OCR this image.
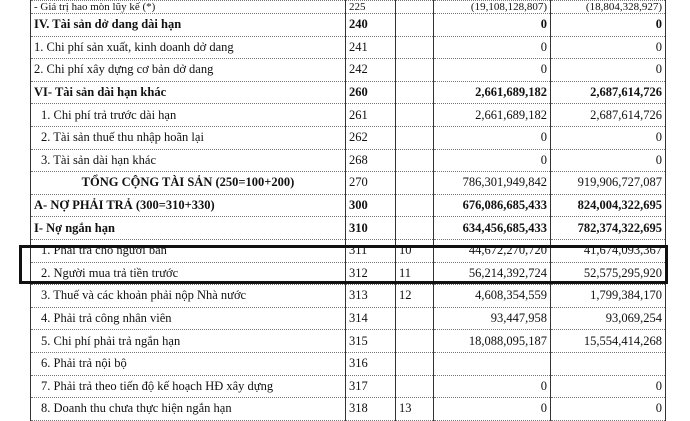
- Giá trị hao mòn lũy kế (*)	225		(19,108,128,807)	(18,804,328,927)
IV. Tài sản dở dang dài hạn	240		0	0
1. Chi phí sản xuất, kinh doanh dở dang	241		0	0
2. Chi phí xây dựng cơ bản dở dang	242		0	0
VI- Tài sản dài hạn khác	260		2,661,689,182	2,687,614,726
1. Chi phí trả trước dài hạn	261		2,661,689,182	2,687,614,726
2. Tài sản thuế thu nhập hoãn lại	262		0	0
3. Tài sản dài hạn khác	268		0	0
TỔNG CỘNG TÀI SẢN (250=100+200)	270		786,301,949,842	919,906,727,087
A- NỢ PHẢI TRẢ (300=310+330)	300		676,086,685,433	824,004,322,695
I- Nợ ngắn hạn	310		634,456,685,433	782,374,322,695
1. Phải trả cho người bán	311	10	44,672,270,720	41,674,093,367
2. Người mua trả tiền trước	312	11	56,214,392,724	52,575,295,920
3. Thuế và các khoản phải nộp Nhà nước	313	12	4,608,354,559	1,799,384,170
4. Phải trả công nhân viên	314		93,447,958	93,069,254
5. Chi phí phải trả ngắn hạn	315		18,088,095,187	15,554,414,268
6. Phải trả nội bộ	316			
7. Phải trả theo tiến độ kế hoạch HĐ xây dựng	317		0	0
8. Doanh thu chưa thực hiện ngắn hạn	318	13	0	0
